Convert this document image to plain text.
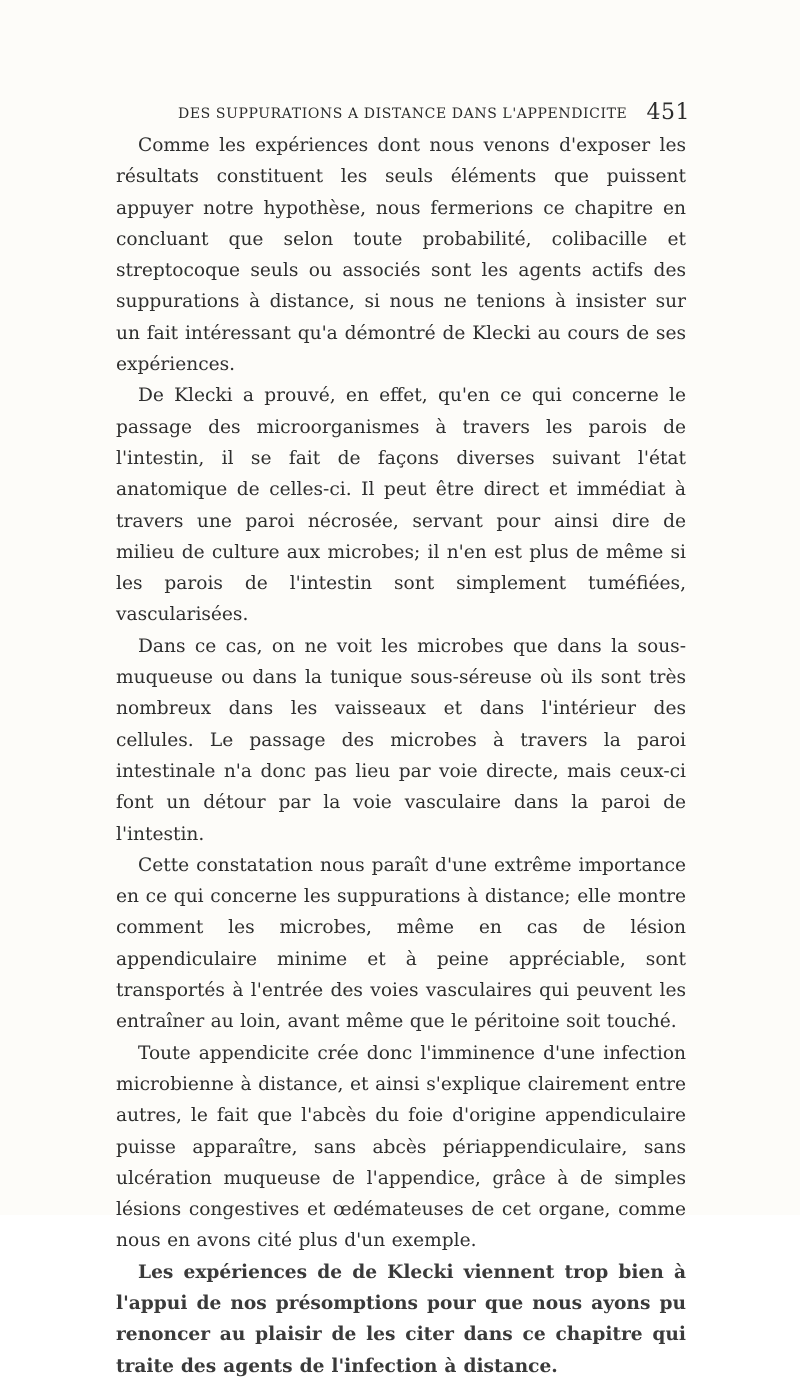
DES SUPPURATIONS A DISTANCE DANS L'APPENDICITE 451

Comme les expériences dont nous venons d'exposer les résultats constituent les seuls éléments que puissent appuyer notre hypothèse, nous fermerions ce chapitre en concluant que selon toute probabilité, colibacille et streptocoque seuls ou associés sont les agents actifs des suppurations à distance, si nous ne tenions à insister sur un fait intéressant qu'a démontré de Klecki au cours de ses expériences.

De Klecki a prouvé, en effet, qu'en ce qui concerne le passage des microorganismes à travers les parois de l'intestin, il se fait de façons diverses suivant l'état anatomique de celles-ci. Il peut être direct et immédiat à travers une paroi nécrosée, servant pour ainsi dire de milieu de culture aux microbes; il n'en est plus de même si les parois de l'intestin sont simplement tuméfiées, vascularisées.

Dans ce cas, on ne voit les microbes que dans la sous-muqueuse ou dans la tunique sous-séreuse où ils sont très nombreux dans les vaisseaux et dans l'intérieur des cellules. Le passage des microbes à travers la paroi intestinale n'a donc pas lieu par voie directe, mais ceux-ci font un détour par la voie vasculaire dans la paroi de l'intestin.

Cette constatation nous paraît d'une extrême importance en ce qui concerne les suppurations à distance; elle montre comment les microbes, même en cas de lésion appendiculaire minime et à peine appréciable, sont transportés à l'entrée des voies vasculaires qui peuvent les entraîner au loin, avant même que le péritoine soit touché.

Toute appendicite crée donc l'imminence d'une infection microbienne à distance, et ainsi s'explique clairement entre autres, le fait que l'abcès du foie d'origine appendiculaire puisse apparaître, sans abcès périappendiculaire, sans ulcération muqueuse de l'appendice, grâce à de simples lésions congestives et œdémateuses de cet organe, comme nous en avons cité plus d'un exemple.

Les expériences de de Klecki viennent trop bien à l'appui de nos présomptions pour que nous ayons pu renoncer au plaisir de les citer dans ce chapitre qui traite des agents de l'infection à distance.
